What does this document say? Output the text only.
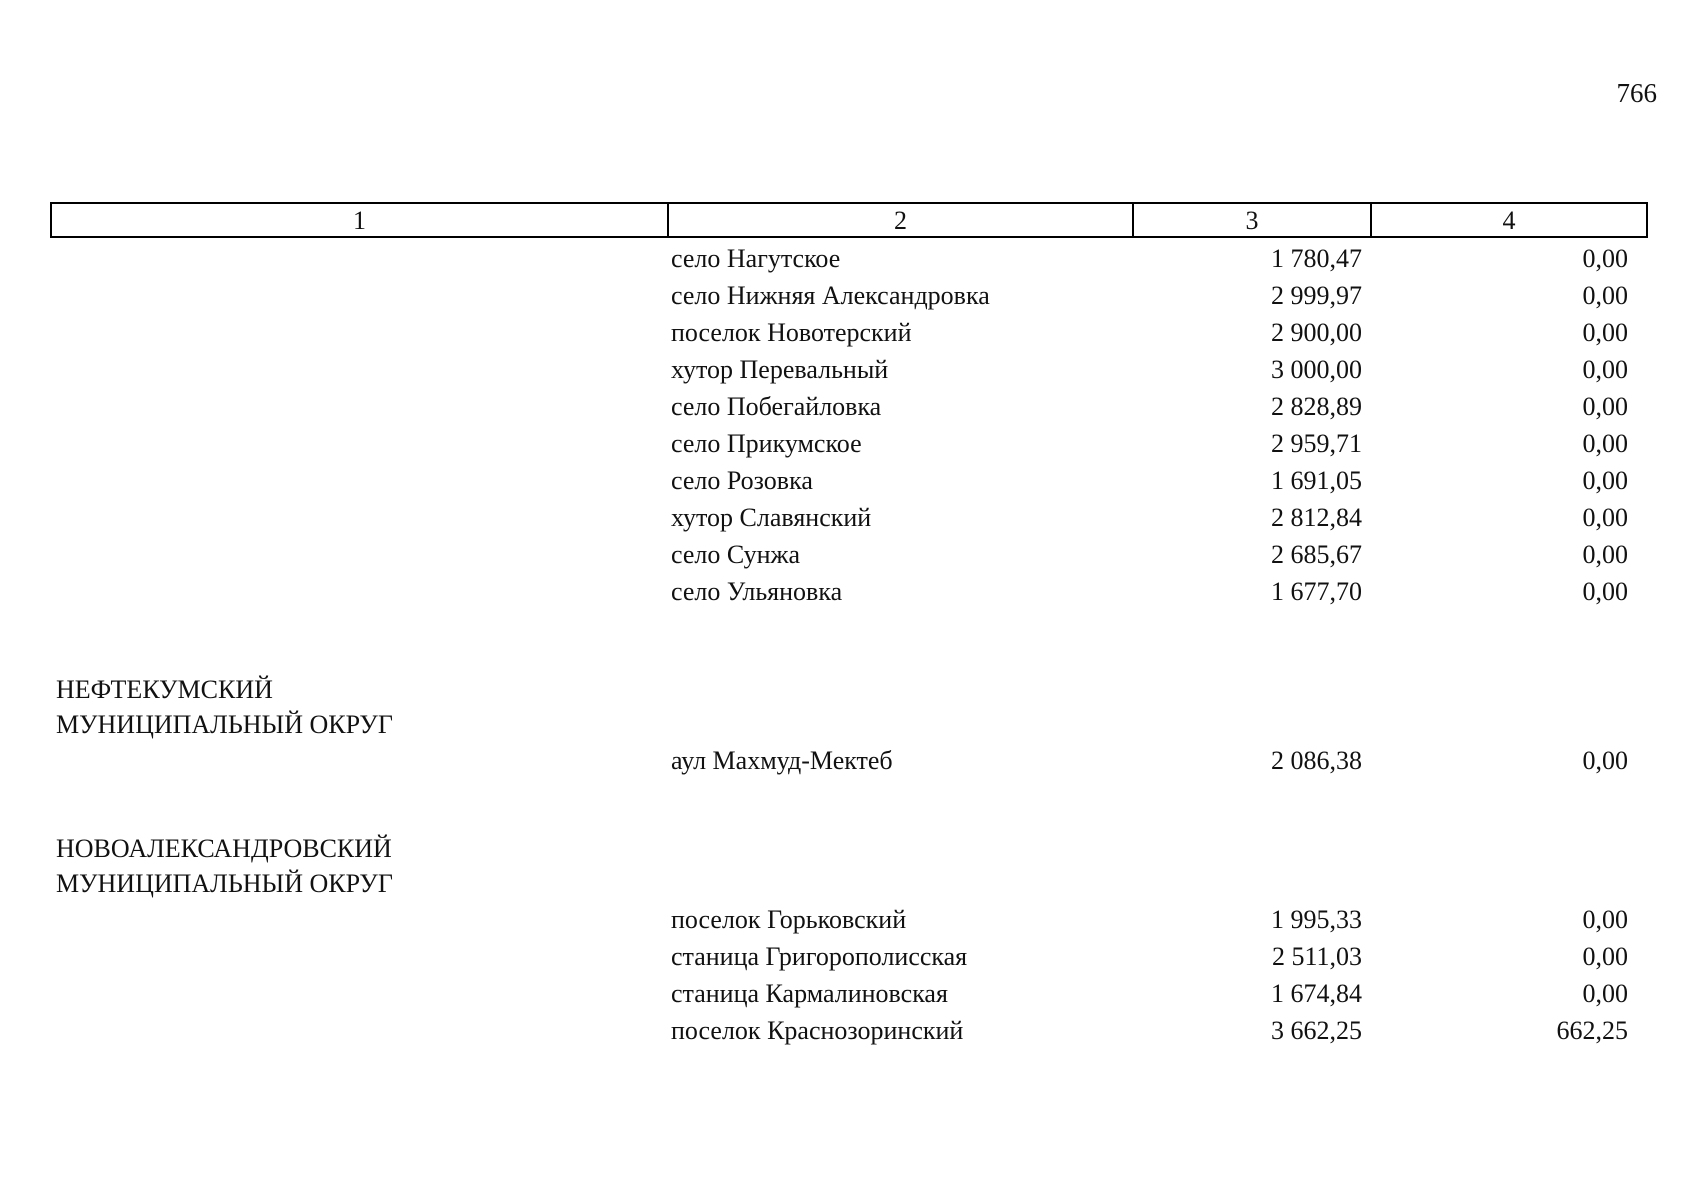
766
1	2	3	4
село Нагутское	1 780,47	0,00
село Нижняя Александровка	2 999,97	0,00
поселок Новотерский	2 900,00	0,00
хутор Перевальный	3 000,00	0,00
село Побегайловка	2 828,89	0,00
село Прикумское	2 959,71	0,00
село Розовка	1 691,05	0,00
хутор Славянский	2 812,84	0,00
село Сунжа	2 685,67	0,00
село Ульяновка	1 677,70	0,00
НЕФТЕКУМСКИЙ
МУНИЦИПАЛЬНЫЙ ОКРУГ
аул Махмуд-Мектеб	2 086,38	0,00
НОВОАЛЕКСАНДРОВСКИЙ
МУНИЦИПАЛЬНЫЙ ОКРУГ
поселок Горьковский	1 995,33	0,00
станица Григорополисская	2 511,03	0,00
станица Кармалиновская	1 674,84	0,00
поселок Краснозоринский	3 662,25	662,25
